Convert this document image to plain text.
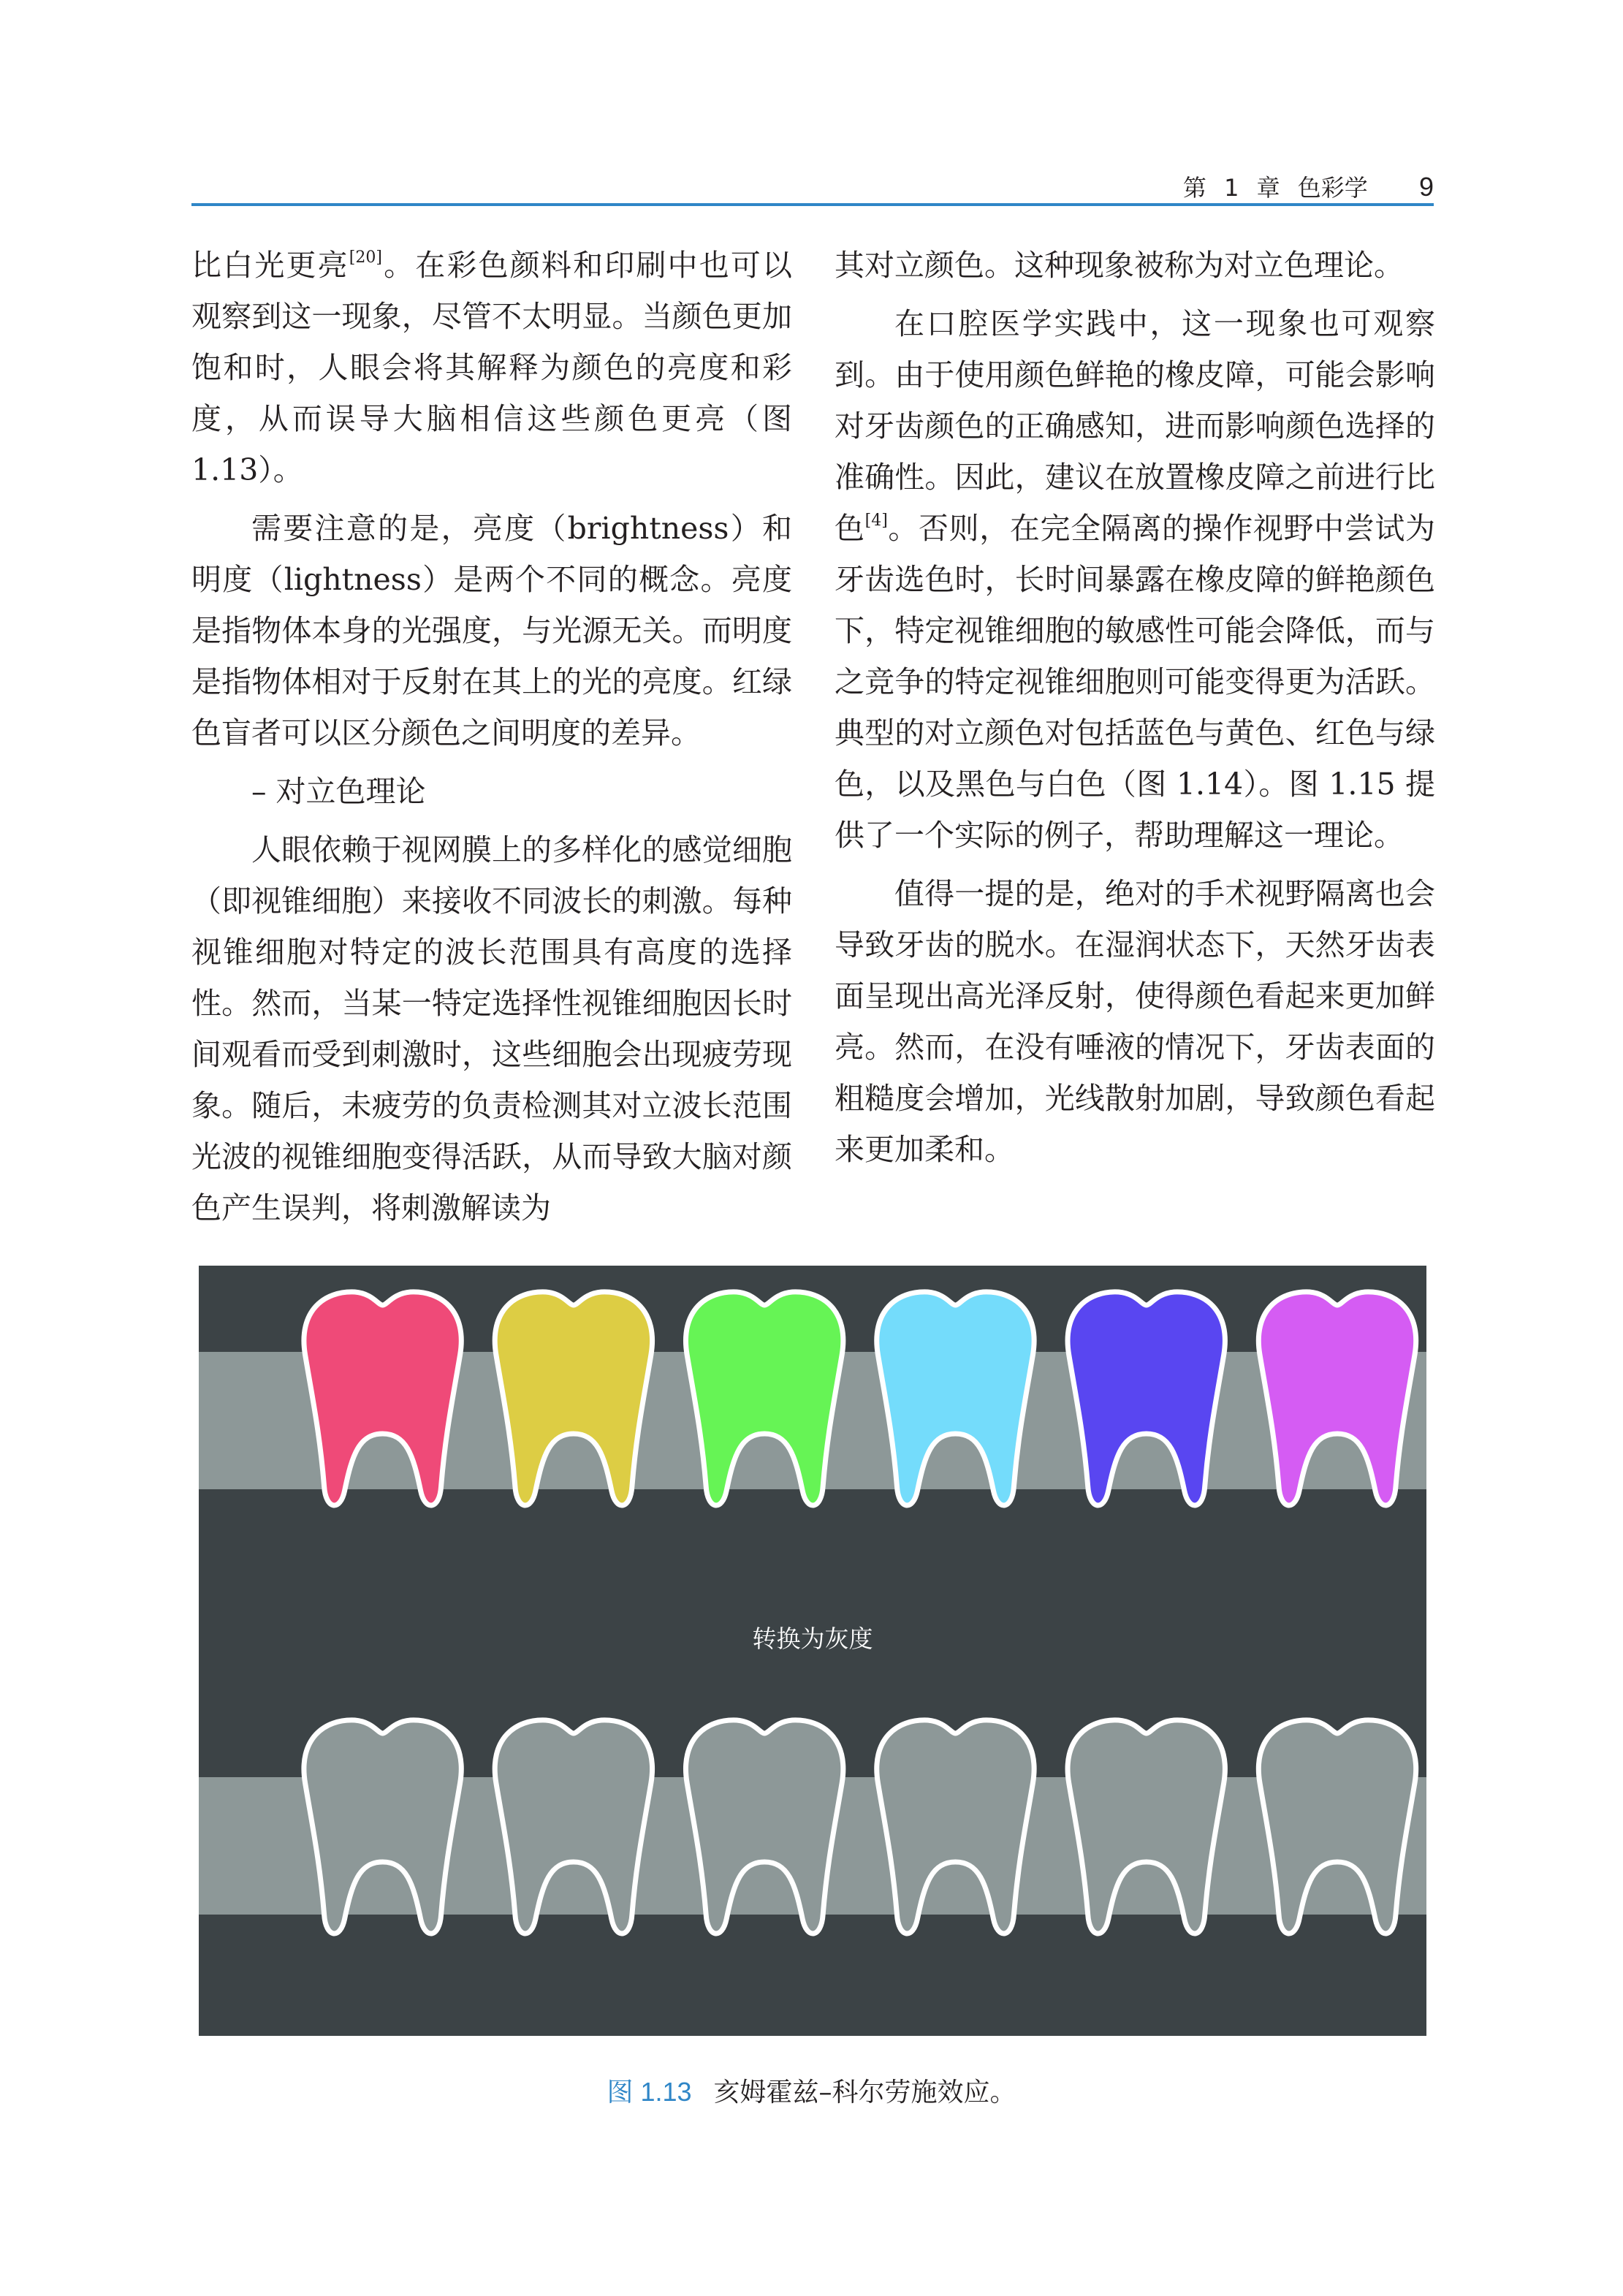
第 1 章 色彩学 9

比白光更亮[20]。在彩色颜料和印刷中也可以观察到这一现象，尽管不太明显。当颜色更加饱和时，人眼会将其解释为颜色的亮度和彩度，从而误导大脑相信这些颜色更亮（图 1.13）。

需要注意的是，亮度（brightness）和明度（lightness）是两个不同的概念。亮度是指物体本身的光强度，与光源无关。而明度是指物体相对于反射在其上的光的亮度。红绿色盲者可以区分颜色之间明度的差异。

– 对立色理论

人眼依赖于视网膜上的多样化的感觉细胞（即视锥细胞）来接收不同波长的刺激。每种视锥细胞对特定的波长范围具有高度的选择性。然而，当某一特定选择性视锥细胞因长时间观看而受到刺激时，这些细胞会出现疲劳现象。随后，未疲劳的负责检测其对立波长范围光波的视锥细胞变得活跃，从而导致大脑对颜色产生误判，将刺激解读为

其对立颜色。这种现象被称为对立色理论。

在口腔医学实践中，这一现象也可观察到。由于使用颜色鲜艳的橡皮障，可能会影响对牙齿颜色的正确感知，进而影响颜色选择的准确性。因此，建议在放置橡皮障之前进行比色[4]。否则，在完全隔离的操作视野中尝试为牙齿选色时，长时间暴露在橡皮障的鲜艳颜色下，特定视锥细胞的敏感性可能会降低，而与之竞争的特定视锥细胞则可能变得更为活跃。典型的对立颜色对包括蓝色与黄色、红色与绿色，以及黑色与白色（图 1.14）。图 1.15 提供了一个实际的例子，帮助理解这一理论。

值得一提的是，绝对的手术视野隔离也会导致牙齿的脱水。在湿润状态下，天然牙齿表面呈现出高光泽反射，使得颜色看起来更加鲜亮。然而，在没有唾液的情况下，牙齿表面的粗糙度会增加，光线散射加剧，导致颜色看起来更加柔和。

转换为灰度
图 1.13 亥姆霍兹–科尔劳施效应。
